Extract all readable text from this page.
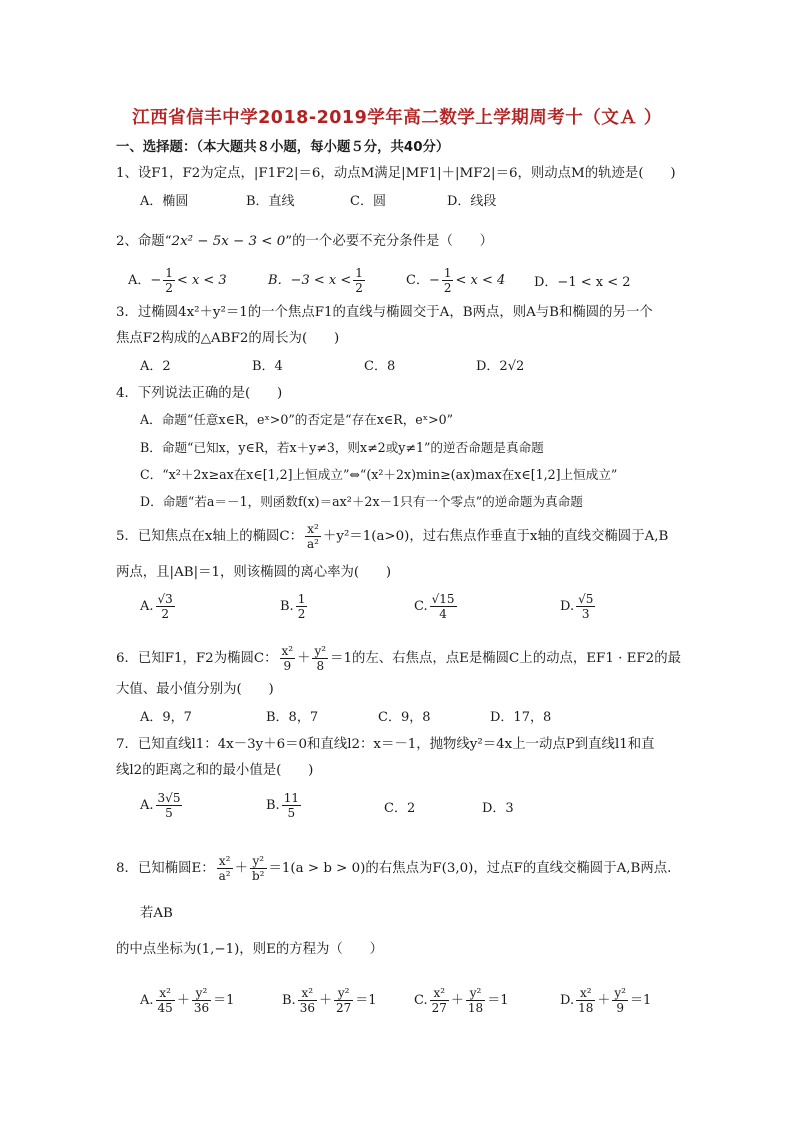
江西省信丰中学2018-2019学年高二数学上学期周考十（文Ａ ）
一、选择题：（本大题共８小题，每小题５分，共40分）
1、设F1，F2为定点，|F1F2|＝6，动点M满足|MF1|＋|MF2|＝6，则动点M的轨迹是(　　)
A．椭圆	B．直线	C．圆	D．线段
2、命题“2x² − 5x − 3 < 0”的一个必要不充分条件是（　　）
A．− $\frac{1}{2} < x < 3$	B．$-3 < x < \frac{1}{2}$	C．− $\frac{1}{2} < x < 4$ D．−1 < x < 2
3．过椭圆4x²＋y²＝1的一个焦点F1的直线与椭圆交于A，B两点，则A与B和椭圆的另一个
焦点F2构成的△ABF2的周长为(　　)
A．2	B．4	C．8	D．2√2
4．下列说法正确的是(　　)
A．命题“任意x∈R，eˣ>0”的否定是“存在x∈R，eˣ>0”
B．命题“已知x，y∈R，若x＋y≠3，则x≠2或y≠1”的逆否命题是真命题
C．“x²＋2x≥ax在x∈[1,2]上恒成立”⇔“(x²＋2x)min≥(ax)max在x∈[1,2]上恒成立”
D．命题“若a＝－1，则函数f(x)＝ax²＋2x－1只有一个零点”的逆命题为真命题
5．已知焦点在x轴上的椭圆C： $\frac{\text{x²}}{\text{a²}} +y^2=1(a>0)$，过右焦点作垂直于x轴的直线交椭圆于A,B
两点，且|AB|＝1，则该椭圆的离心率为(　　)
A. $\frac{√3}{2}$	B. $\frac{1}{2}$	C. $\frac{√15}{4}$	D. $\frac{√5}{3}$
6．已知F1，F2为椭圆C： $\frac{\text{x²}}{9} + \frac{\text{y²}}{8} =1$的左、右焦点，点E是椭圆C上的动点，EF1 · EF2的最
大值、最小值分别为(　　)
A．9，7	B．8，7	C．9，8	D．17，8
7．已知直线l1：4x－3y＋6＝0和直线l2：x＝－1，抛物线y²＝4x上一动点P到直线l1和直
线l2的距离之和的最小值是(　　)
A. $\frac{3√5}{5}$	B. $\frac{11}{5}$	C．2	D．3
8．已知椭圆E： $\frac{\text{x²}}{\text{a²}} + \frac{\text{y²}}{\text{b²}} =1(a > b > 0)$的右焦点为F(3,0)，过点F的直线交椭圆于A,B两点.
若AB
的中点坐标为(1,−1)，则E的方程为（　　）
A. $\frac{\text{x²}}{45} + \frac{\text{y²}}{36} =1$	B. $\frac{\text{x²}}{36} + \frac{\text{y²}}{27} =1$	C. $\frac{\text{x²}}{27} + \frac{\text{y²}}{18} =1$	D. $\frac{\text{x²}}{18} + \frac{\text{y²}}{9} =1$
